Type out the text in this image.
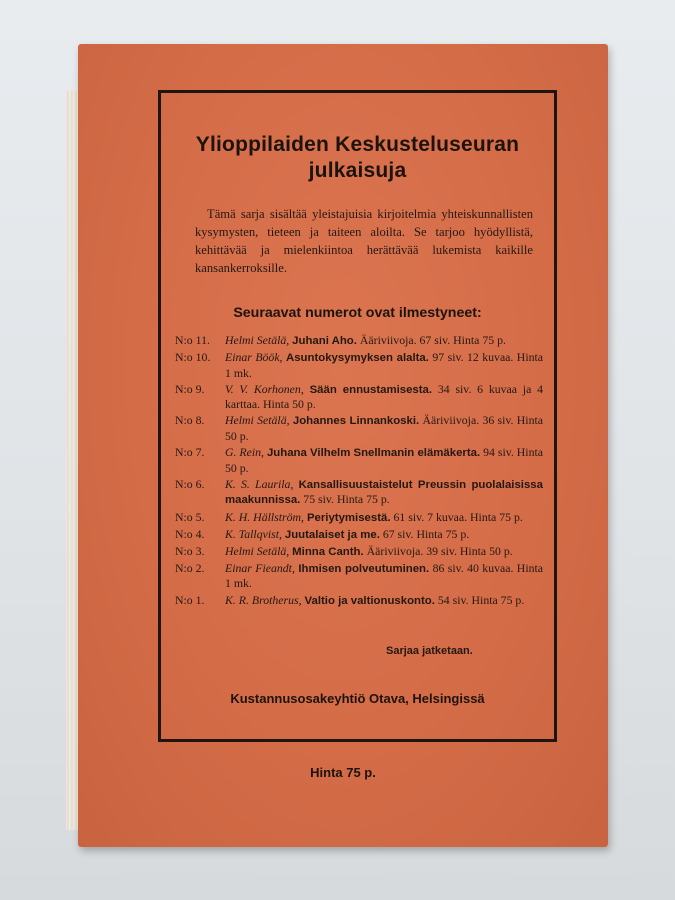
Ylioppilaiden Keskusteluseuran
julkaisuja
Tämä sarja sisältää yleistajuisia kirjoitelmia yhteiskunnallisten kysymysten, tieteen ja taiteen aloilta. Se tarjoo hyödyllistä, kehittävää ja mielenkiintoa herättävää lukemista kaikille kansankerroksille.
Seuraavat numerot ovat ilmestyneet:
N:o 11.	Helmi Setälä, Juhani Aho. Ääriviivoja. 67 siv. Hinta 75 p.
N:o 10.	Einar Böök, Asuntokysymyksen alalta. 97 siv. 12 kuvaa. Hinta 1 mk.
N:o 9.	V. V. Korhonen, Sään ennustamisesta. 34 siv. 6 kuvaa ja 4 karttaa. Hinta 50 p.
N:o 8.	Helmi Setälä, Johannes Linnankoski. Ääriviivoja. 36 siv. Hinta 50 p.
N:o 7.	G. Rein, Juhana Vilhelm Snellmanin elämäkerta. 94 siv. Hinta 50 p.
N:o 6.	K. S. Laurila, Kansallisuustaistelut Preussin puolalaisissa maakunnissa. 75 siv. Hinta 75 p.
N:o 5.	K. H. Hällström, Periytymisestä. 61 siv. 7 kuvaa. Hinta 75 p.
N:o 4.	K. Tallqvist, Juutalaiset ja me. 67 siv. Hinta 75 p.
N:o 3.	Helmi Setälä, Minna Canth. Ääriviivoja. 39 siv. Hinta 50 p.
N:o 2.	Einar Fieandt, Ihmisen polveutuminen. 86 siv. 40 kuvaa. Hinta 1 mk.
N:o 1.	K. R. Brotherus, Valtio ja valtionuskonto. 54 siv. Hinta 75 p.
Sarjaa jatketaan.
Kustannusosakeyhtiö Otava, Helsingissä
Hinta 75 p.
